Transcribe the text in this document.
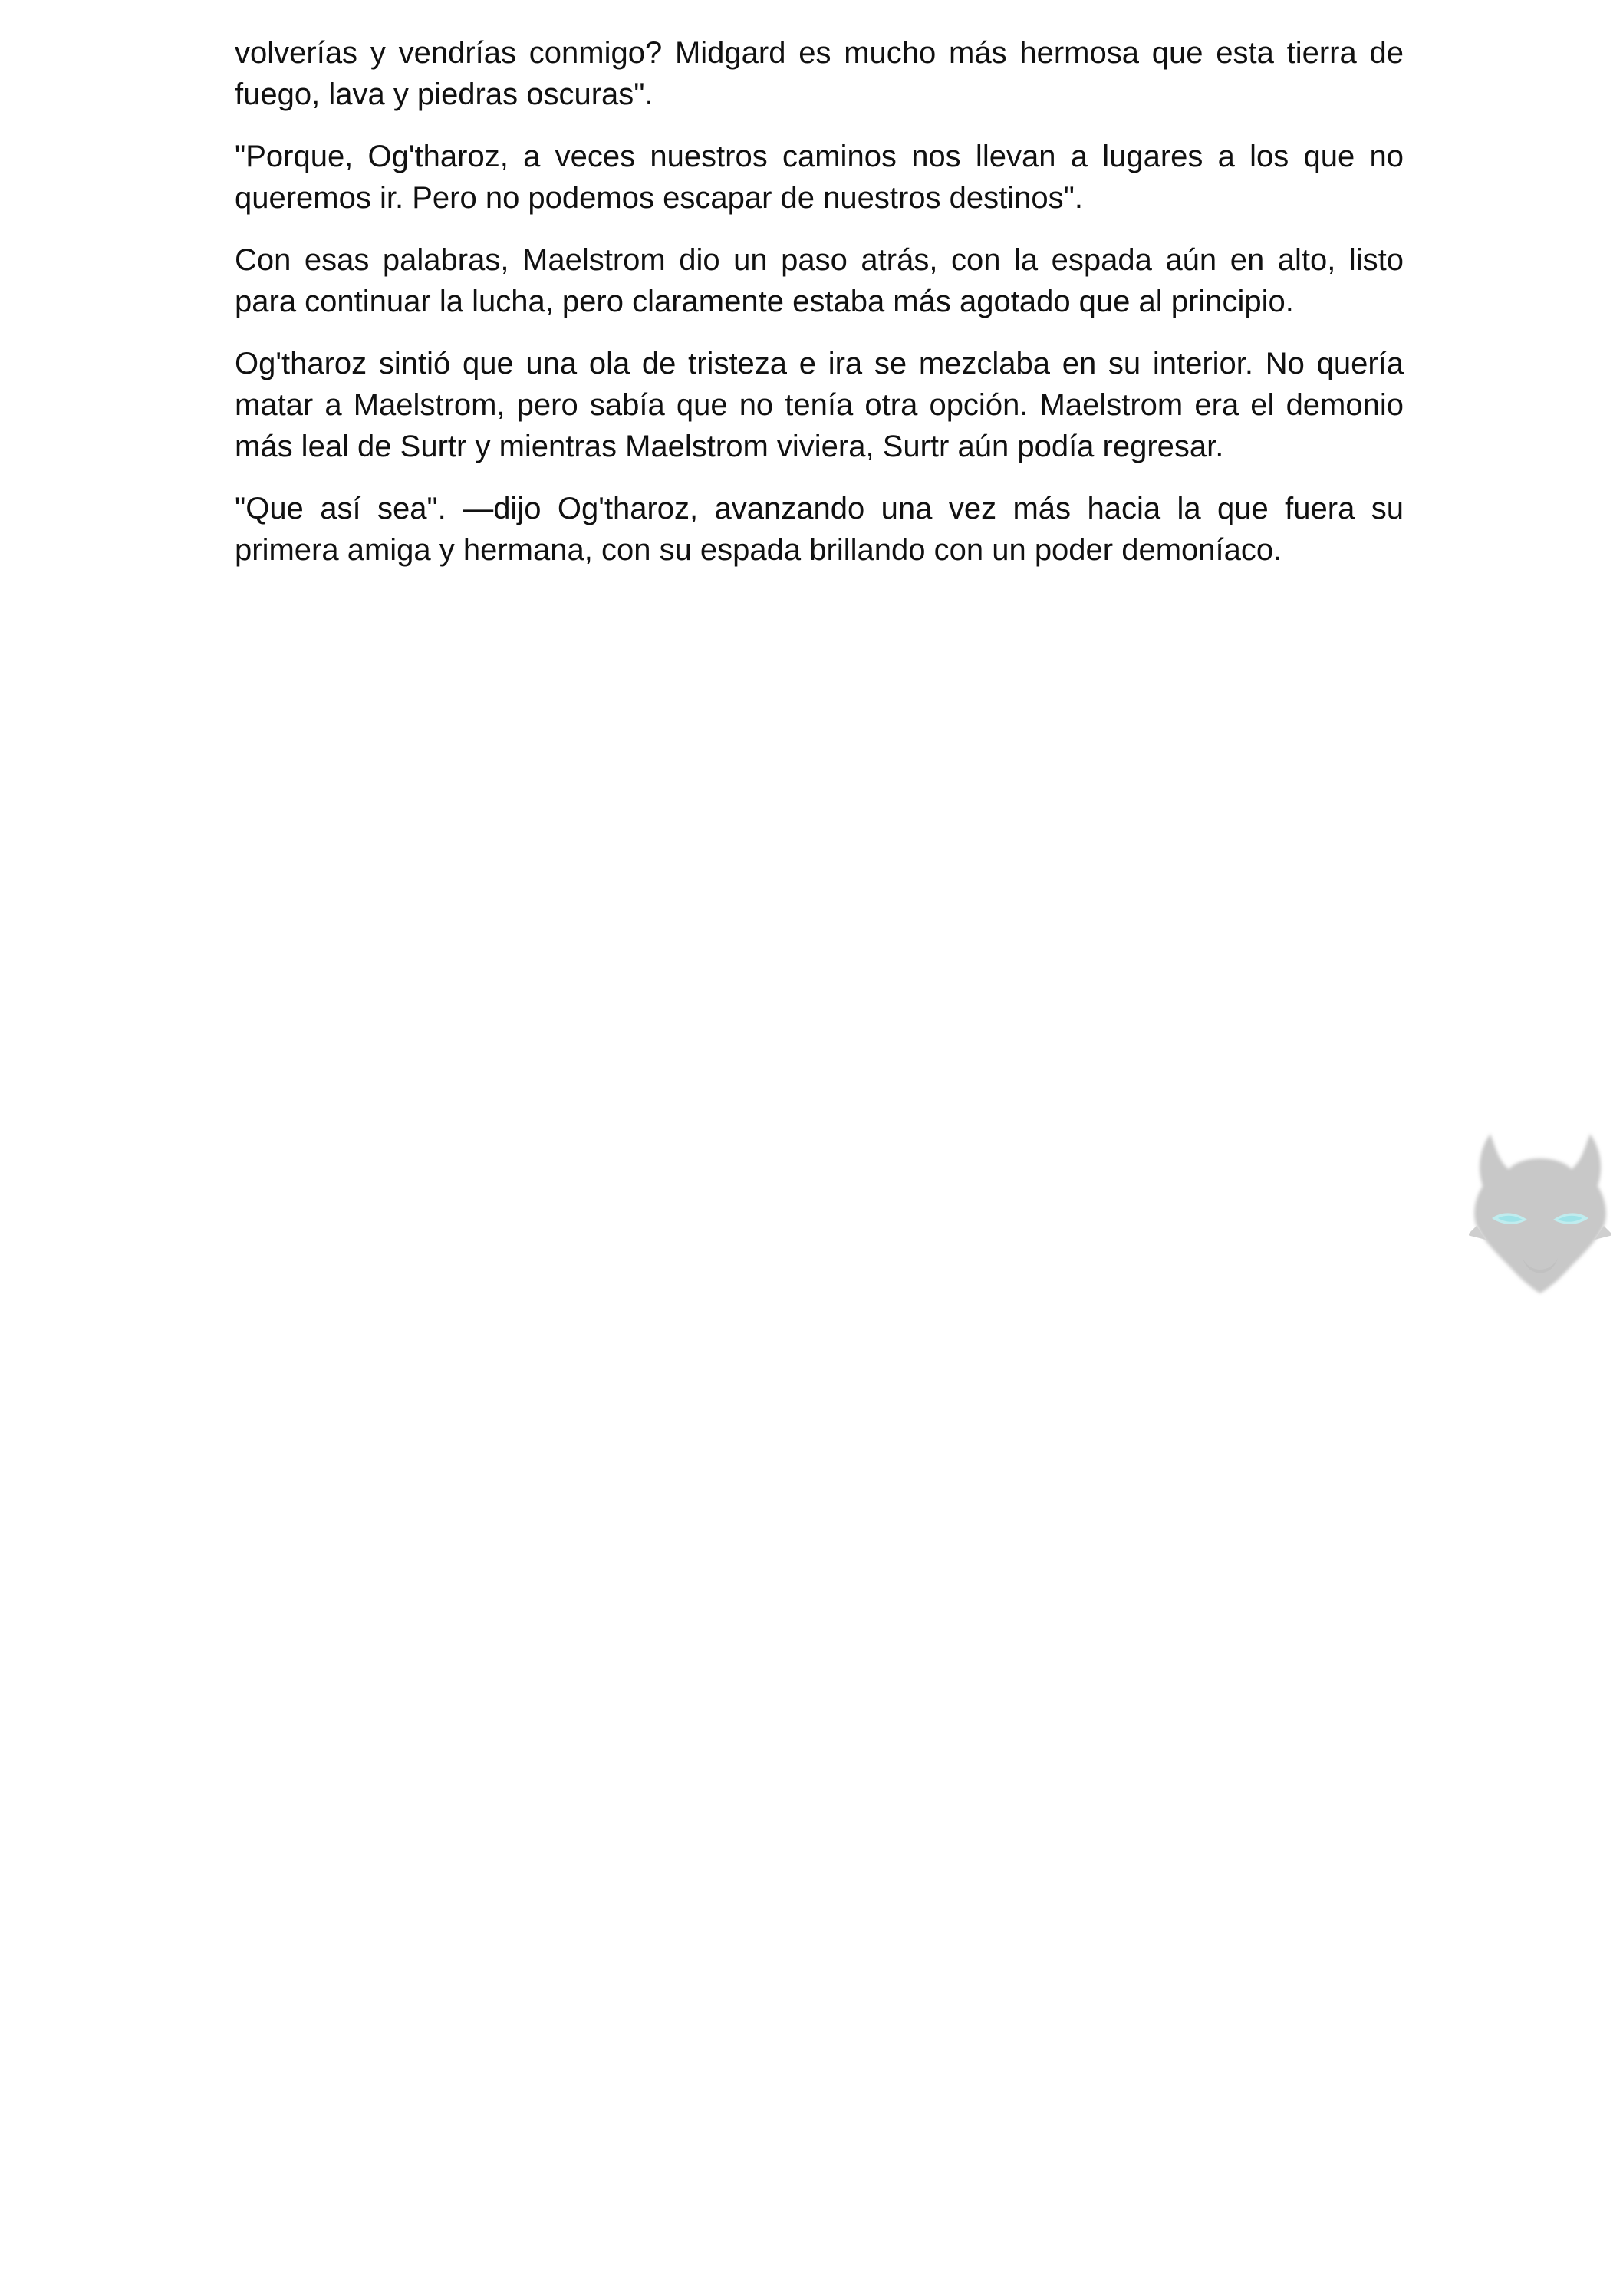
volverías y vendrías conmigo? Midgard es mucho más hermosa que esta tierra de fuego, lava y piedras oscuras".

"Porque, Og'tharoz, a veces nuestros caminos nos llevan a lugares a los que no queremos ir. Pero no podemos escapar de nuestros destinos".

Con esas palabras, Maelstrom dio un paso atrás, con la espada aún en alto, listo para continuar la lucha, pero claramente estaba más agotado que al principio.

Og'tharoz sintió que una ola de tristeza e ira se mezclaba en su interior. No quería matar a Maelstrom, pero sabía que no tenía otra opción. Maelstrom era el demonio más leal de Surtr y mientras Maelstrom viviera, Surtr aún podía regresar.

"Que así sea". —dijo Og'tharoz, avanzando una vez más hacia la que fuera su primera amiga y hermana, con su espada brillando con un poder demoníaco.
